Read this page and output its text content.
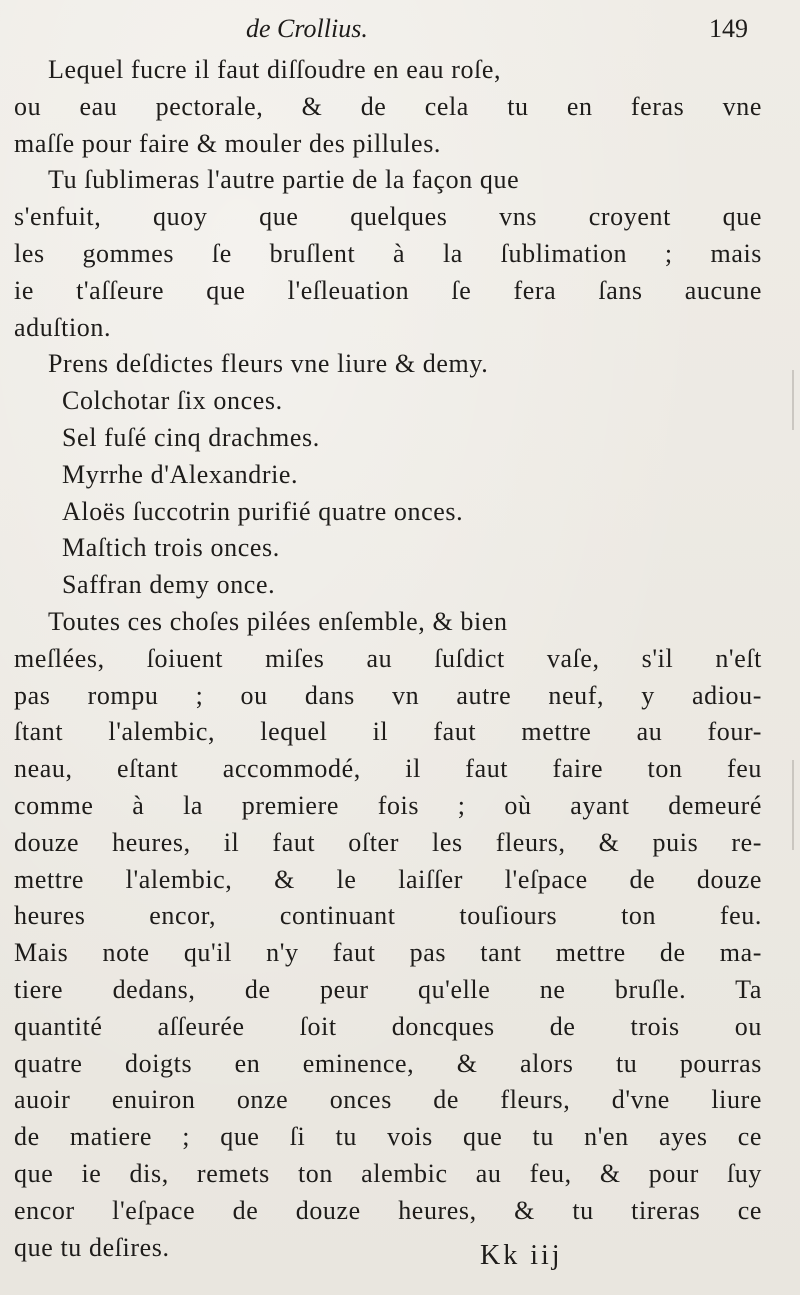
de Crollius.	149
Lequel fucre il faut diſſoudre en eau roſe,
ou eau pectorale, & de cela tu en feras vne
maſſe pour faire & mouler des pillules.
Tu ſublimeras l'autre partie de la façon que
s'enfuit, quoy que quelques vns croyent que
les gommes ſe bruſlent à la ſublimation ; mais
ie t'aſſeure que l'eſleuation ſe fera ſans aucune
aduſtion.
Prens deſdictes fleurs vne liure & demy.
Colchotar ſix onces.
Sel fuſé cinq drachmes.
Myrrhe d'Alexandrie.
Aloës ſuccotrin purifié quatre onces.
Maſtich trois onces.
Saffran demy once.
Toutes ces choſes pilées enſemble, & bien
meſlées, ſoiuent miſes au ſuſdict vaſe, s'il n'eſt
pas rompu ; ou dans vn autre neuf, y adiou-
ſtant l'alembic, lequel il faut mettre au four-
neau, eſtant accommodé, il faut faire ton feu
comme à la premiere fois ; où ayant demeuré
douze heures, il faut oſter les fleurs, & puis re-
mettre l'alembic, & le laiſſer l'eſpace de douze
heures encor, continuant touſiours ton feu.
Mais note qu'il n'y faut pas tant mettre de ma-
tiere dedans, de peur qu'elle ne bruſle. Ta
quantité aſſeurée ſoit doncques de trois ou
quatre doigts en eminence, & alors tu pourras
auoir enuiron onze onces de fleurs, d'vne liure
de matiere ; que ſi tu vois que tu n'en ayes ce
que ie dis, remets ton alembic au feu, & pour ſuy
encor l'eſpace de douze heures, & tu tireras ce
que tu deſires.	Kk iij
